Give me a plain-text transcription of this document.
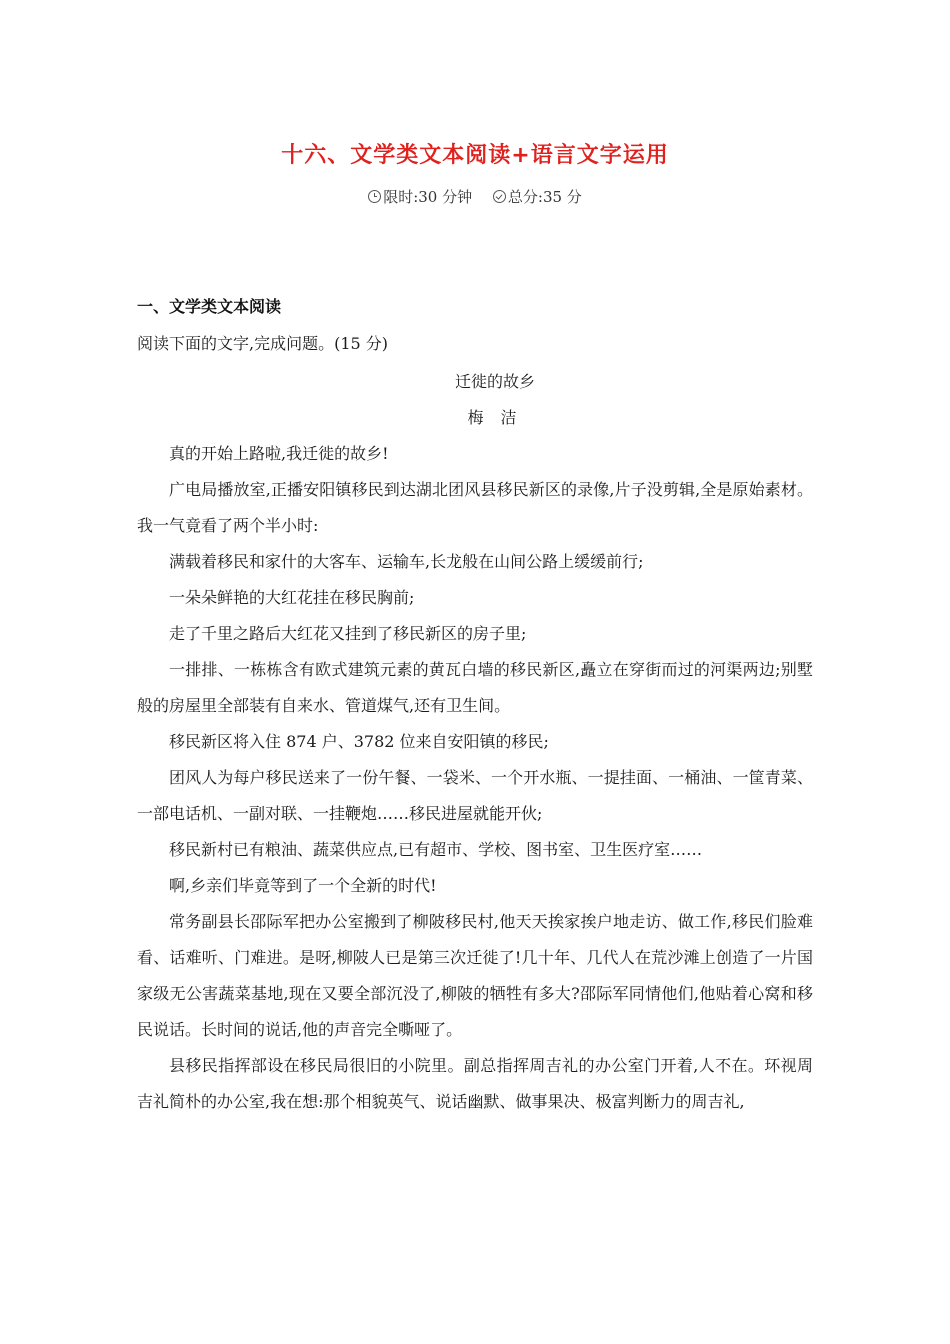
十六、文学类文本阅读+语言文字运用
限时:30 分钟 总分:35 分
一、文学类文本阅读
阅读下面的文字,完成问题。(15 分)
迁徙的故乡
梅 洁

真的开始上路啦,我迁徙的故乡!

广电局播放室,正播安阳镇移民到达湖北团风县移民新区的录像,片子没剪辑,全是原始素材。我一气竟看了两个半小时:

满载着移民和家什的大客车、运输车,长龙般在山间公路上缓缓前行;

一朵朵鲜艳的大红花挂在移民胸前;

走了千里之路后大红花又挂到了移民新区的房子里;

一排排、一栋栋含有欧式建筑元素的黄瓦白墙的移民新区,矗立在穿街而过的河渠两边;别墅般的房屋里全部装有自来水、管道煤气,还有卫生间。

移民新区将入住 874 户、3782 位来自安阳镇的移民;

团风人为每户移民送来了一份午餐、一袋米、一个开水瓶、一提挂面、一桶油、一筐青菜、一部电话机、一副对联、一挂鞭炮……移民进屋就能开伙;

移民新村已有粮油、蔬菜供应点,已有超市、学校、图书室、卫生医疗室……

啊,乡亲们毕竟等到了一个全新的时代!

常务副县长邵际军把办公室搬到了柳陂移民村,他天天挨家挨户地走访、做工作,移民们脸难看、话难听、门难进。是呀,柳陂人已是第三次迁徙了!几十年、几代人在荒沙滩上创造了一片国家级无公害蔬菜基地,现在又要全部沉没了,柳陂的牺牲有多大?邵际军同情他们,他贴着心窝和移民说话。长时间的说话,他的声音完全嘶哑了。

县移民指挥部设在移民局很旧的小院里。副总指挥周吉礼的办公室门开着,人不在。环视周吉礼简朴的办公室,我在想:那个相貌英气、说话幽默、做事果决、极富判断力的周吉礼,
